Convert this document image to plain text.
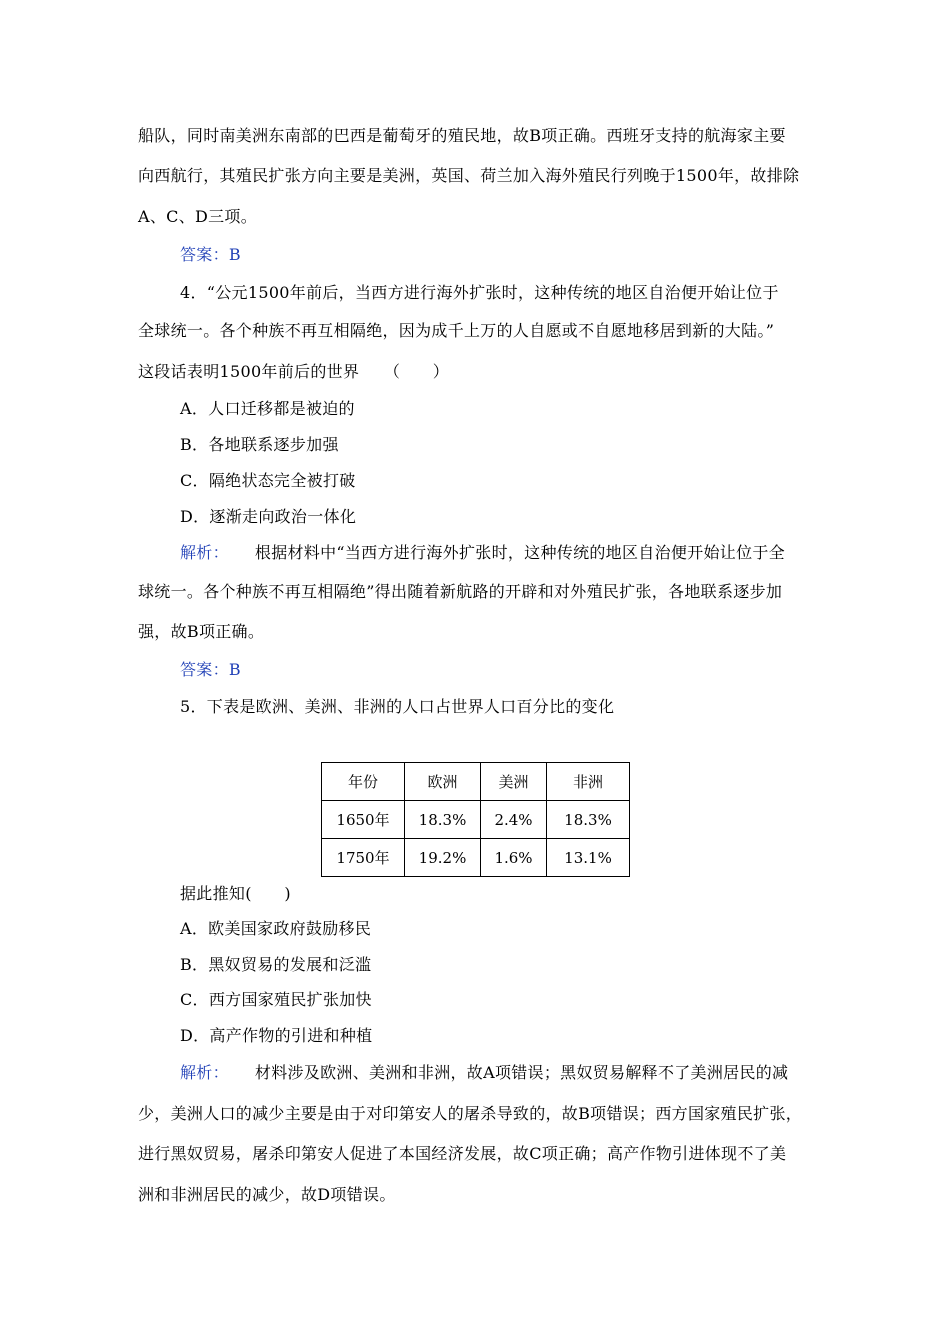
船队，同时南美洲东南部的巴西是葡萄牙的殖民地，故B项正确。西班牙支持的航海家主要
向西航行，其殖民扩张方向主要是美洲，英国、荷兰加入海外殖民行列晚于1500年，故排除
A、C、D三项。
答案：B
4．“公元1500年前后，当西方进行海外扩张时，这种传统的地区自治便开始让位于
全球统一。各个种族不再互相隔绝，因为成千上万的人自愿或不自愿地移居到新的大陆。”
这段话表明1500年前后的世界　　（　　）
A．人口迁移都是被迫的
B．各地联系逐步加强
C．隔绝状态完全被打破
D．逐渐走向政治一体化
解析： 根据材料中“当西方进行海外扩张时，这种传统的地区自治便开始让位于全
球统一。各个种族不再互相隔绝”得出随着新航路的开辟和对外殖民扩张，各地联系逐步加
强，故B项正确。
答案：B
5．下表是欧洲、美洲、非洲的人口占世界人口百分比的变化
年份	欧洲	美洲	非洲
1650年	18.3%	2.4%	18.3%
1750年	19.2%	1.6%	13.1%
据此推知(　　)
A．欧美国家政府鼓励移民
B．黑奴贸易的发展和泛滥
C．西方国家殖民扩张加快
D．高产作物的引进和种植
解析： 材料涉及欧洲、美洲和非洲，故A项错误；黑奴贸易解释不了美洲居民的减
少，美洲人口的减少主要是由于对印第安人的屠杀导致的，故B项错误；西方国家殖民扩张，
进行黑奴贸易，屠杀印第安人促进了本国经济发展，故C项正确；高产作物引进体现不了美
洲和非洲居民的减少，故D项错误。
